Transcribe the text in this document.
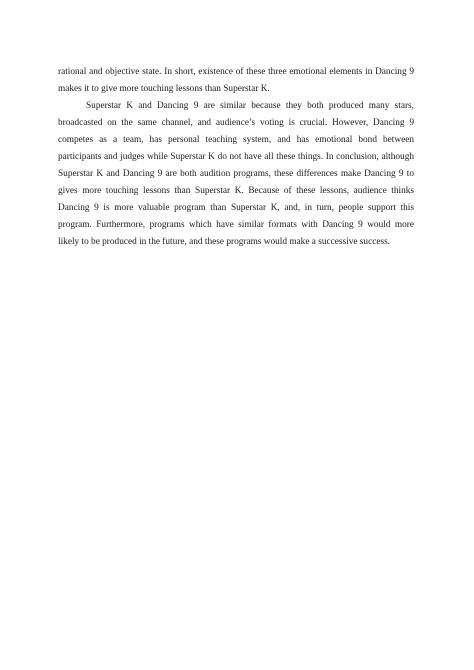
rational and objective state. In short, existence of these three emotional elements in Dancing 9 makes it to give more touching lessons than Superstar K.

Superstar K and Dancing 9 are similar because they both produced many stars, broadcasted on the same channel, and audience’s voting is crucial. However, Dancing 9 competes as a team, has personal teaching system, and has emotional bond between participants and judges while Superstar K do not have all these things. In conclusion, although Superstar K and Dancing 9 are both audition programs, these differences make Dancing 9 to gives more touching lessons than Superstar K. Because of these lessons, audience thinks Dancing 9 is more valuable program than Superstar K, and, in turn, people support this program. Furthermore, programs which have similar formats with Dancing 9 would more likely to be produced in the future, and these programs would make a successive success.
